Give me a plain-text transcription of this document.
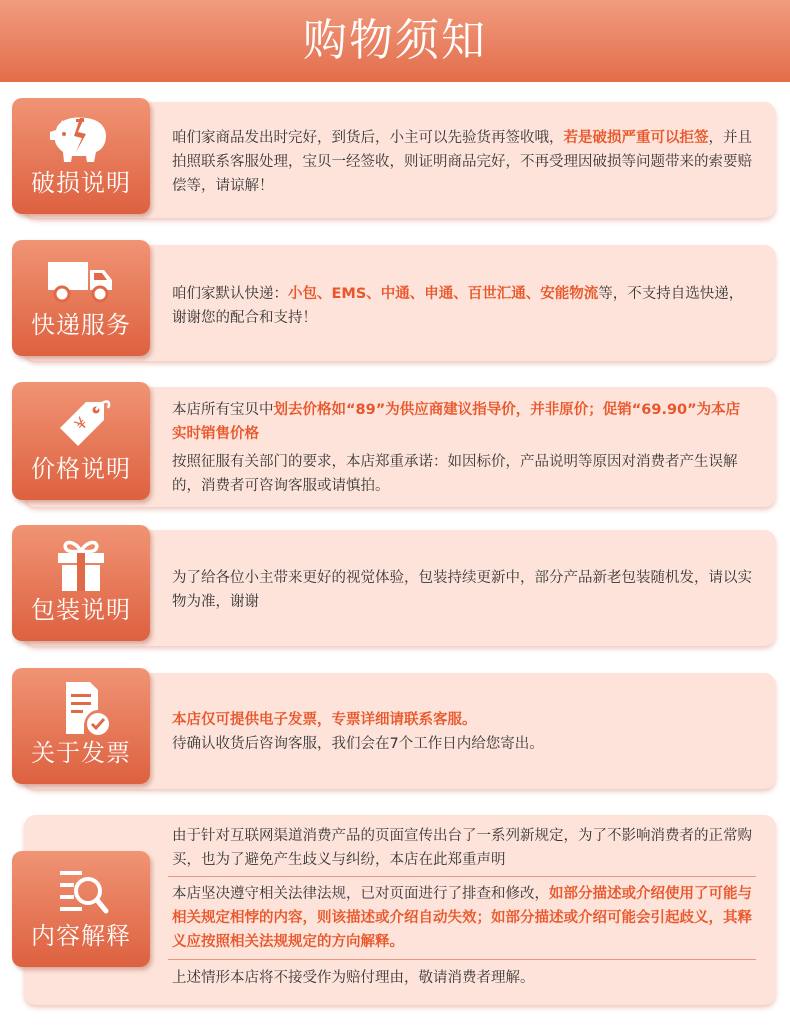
购物须知
破损说明
咱们家商品发出时完好，到货后，小主可以先验货再签收哦，若是破损严重可以拒签，并且拍照联系客服处理，宝贝一经签收，则证明商品完好，不再受理因破损等问题带来的索要赔偿等，请谅解！
快递服务
咱们家默认快递：小包、EMS、中通、申通、百世汇通、安能物流等，不支持自选快递，谢谢您的配合和支持！
¥
价格说明
本店所有宝贝中划去价格如“89”为供应商建议指导价，并非原价；促销“69.90”为本店实时销售价格
按照征服有关部门的要求，本店郑重承诺：如因标价，产品说明等原因对消费者产生误解的，消费者可咨询客服或请慎拍。
包装说明
为了给各位小主带来更好的视觉体验，包装持续更新中，部分产品新老包装随机发，请以实物为准，谢谢
关于发票
本店仅可提供电子发票，专票详细请联系客服。
待确认收货后咨询客服，我们会在7个工作日内给您寄出。
内容解释
由于针对互联网渠道消费产品的页面宣传出台了一系列新规定，为了不影响消费者的正常购买，也为了避免产生歧义与纠纷，本店在此郑重声明
本店坚决遵守相关法律法规，已对页面进行了排查和修改，如部分描述或介绍使用了可能与相关规定相悖的内容，则该描述或介绍自动失效；如部分描述或介绍可能会引起歧义，其释义应按照相关法规规定的方向解释。
上述情形本店将不接受作为赔付理由，敬请消费者理解。
